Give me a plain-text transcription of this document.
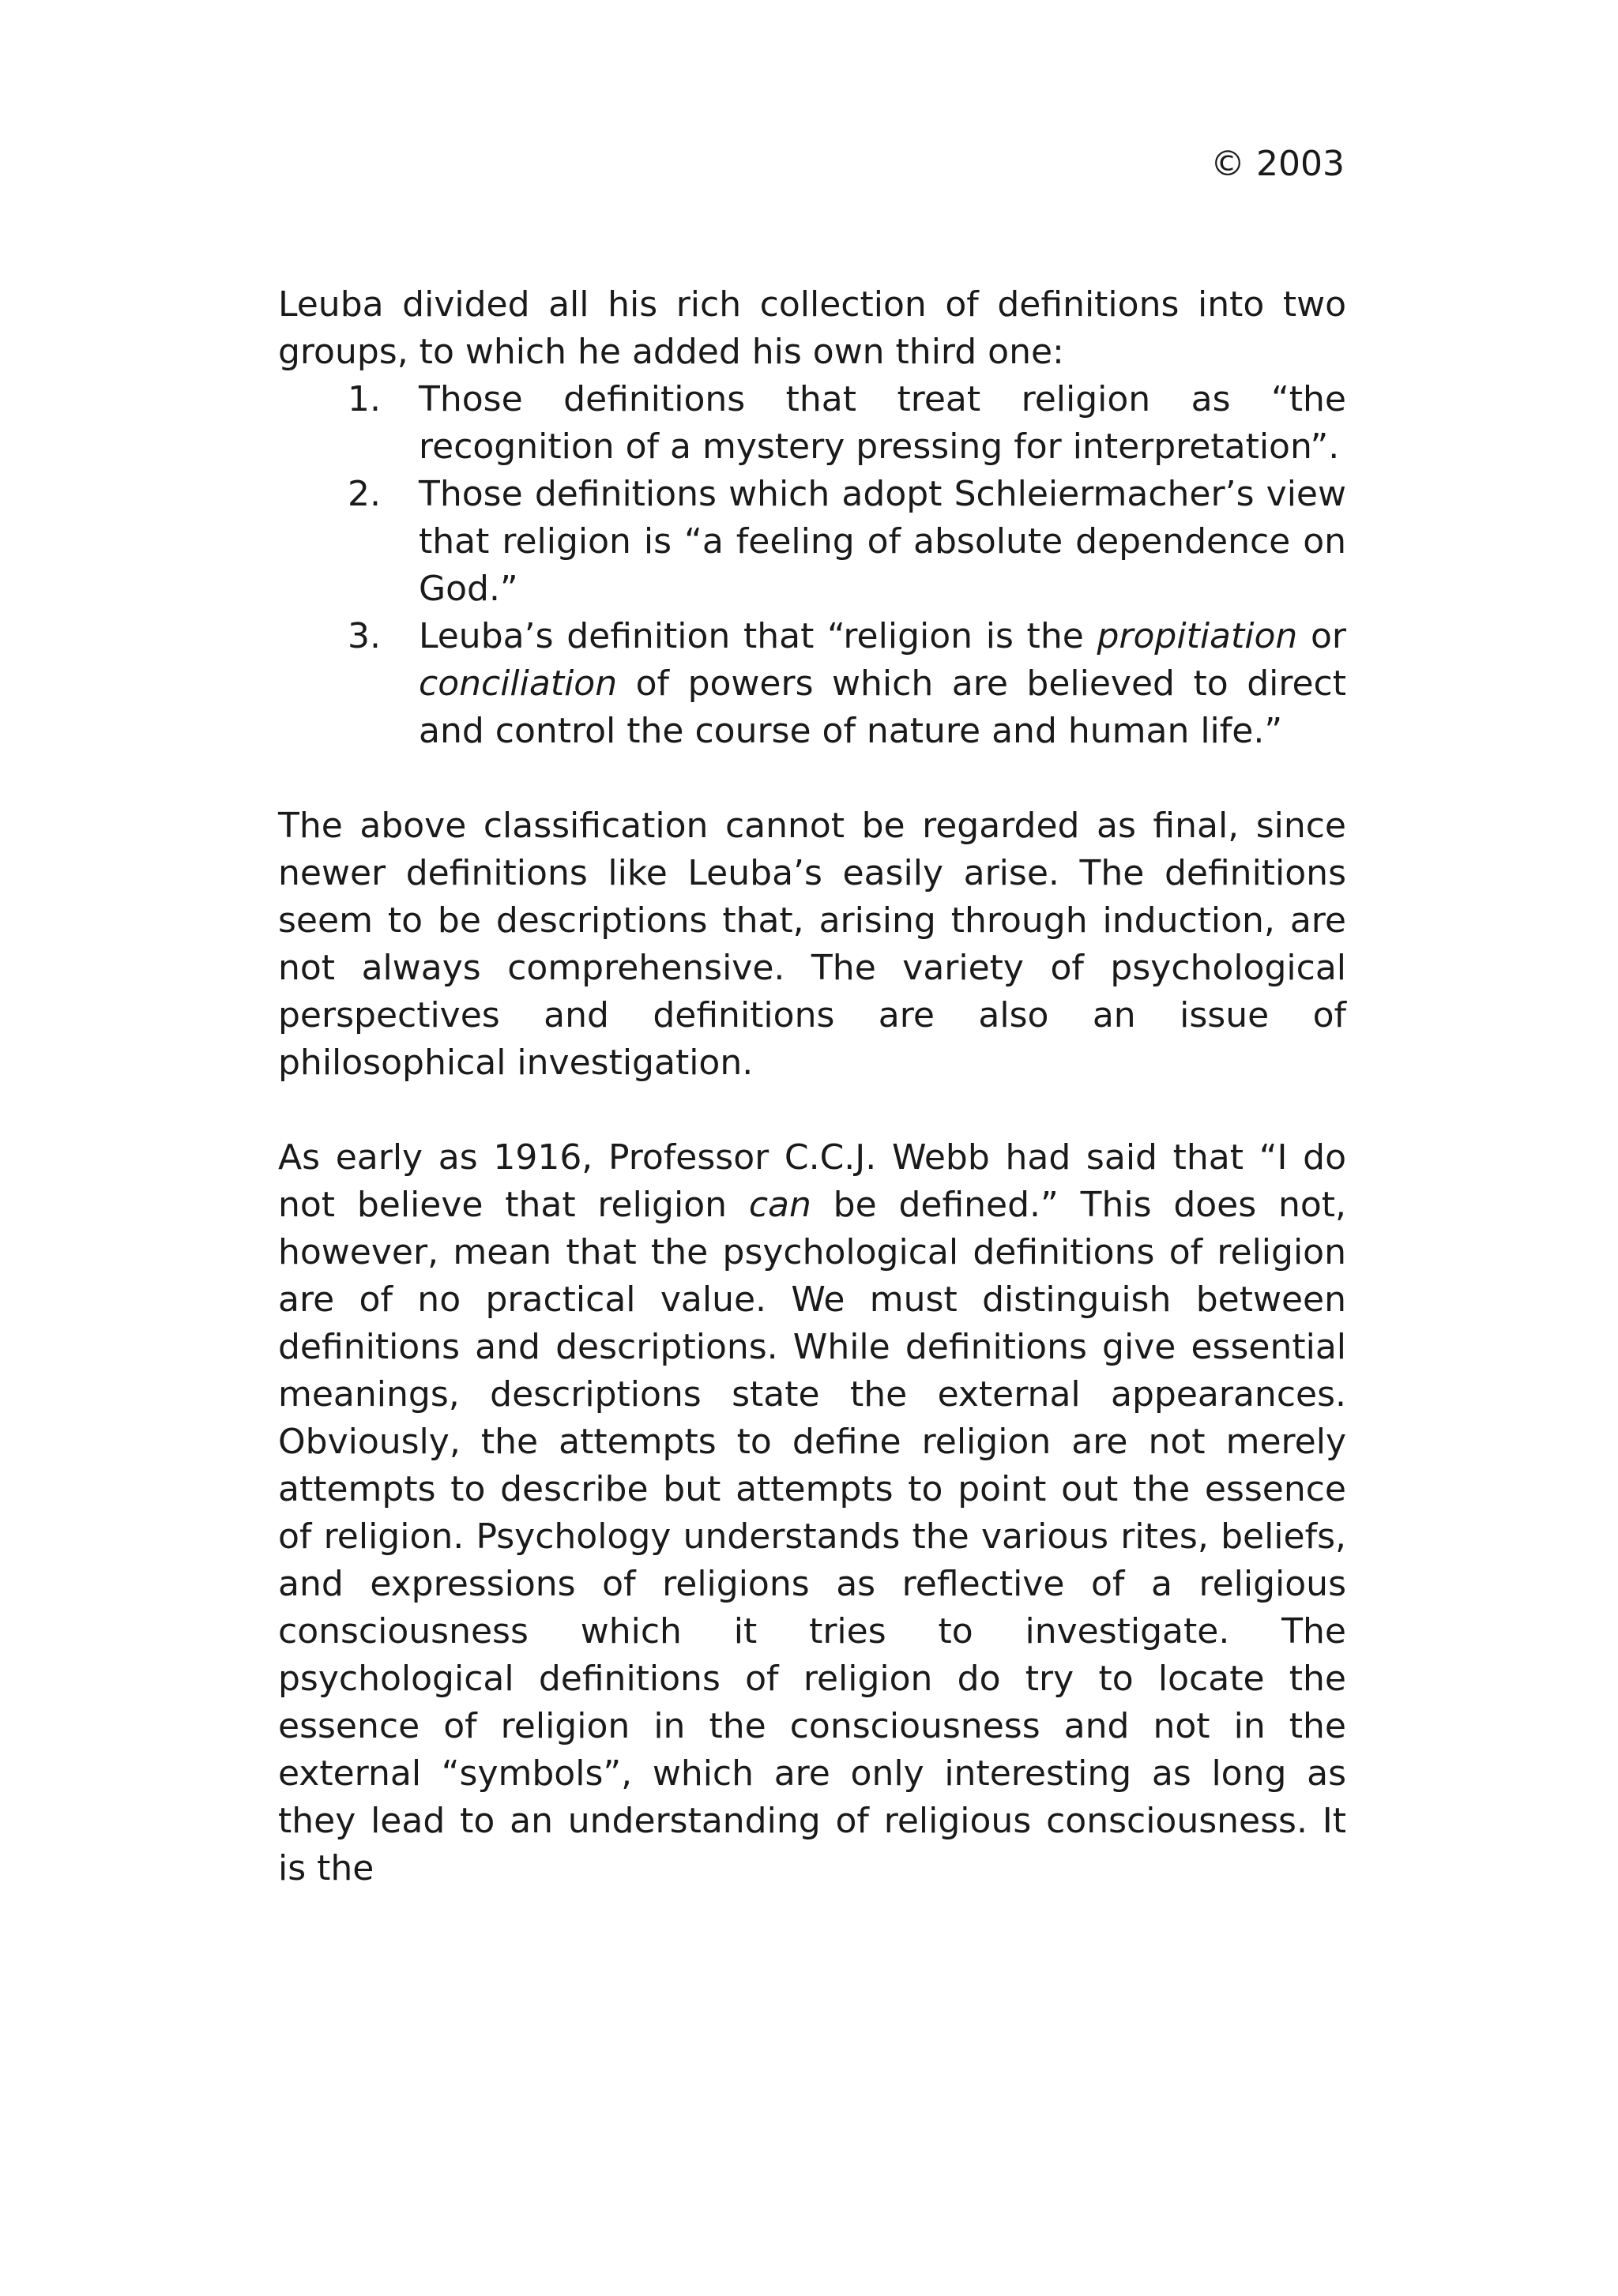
© 2003

Leuba divided all his rich collection of definitions into two groups, to which he added his own third one:

1. Those definitions that treat religion as “the recognition of a mystery pressing for interpretation”.
2. Those definitions which adopt Schleiermacher’s view that religion is “a feeling of absolute dependence on God.”
3. Leuba’s definition that “religion is the propitiation or conciliation of powers which are believed to direct and control the course of nature and human life.”

The above classification cannot be regarded as final, since newer definitions like Leuba’s easily arise. The definitions seem to be descriptions that, arising through induction, are not always comprehensive. The variety of psychological perspectives and definitions are also an issue of philosophical investigation.

As early as 1916, Professor C.C.J. Webb had said that “I do not believe that religion can be defined.” This does not, however, mean that the psychological definitions of religion are of no practical value. We must distinguish between definitions and descriptions. While definitions give essential meanings, descriptions state the external appearances. Obviously, the attempts to define religion are not merely attempts to describe but attempts to point out the essence of religion. Psychology understands the various rites, beliefs, and expressions of religions as reflective of a religious consciousness which it tries to investigate. The psychological definitions of religion do try to locate the essence of religion in the consciousness and not in the external “symbols”, which are only interesting as long as they lead to an understanding of religious consciousness. It is the
